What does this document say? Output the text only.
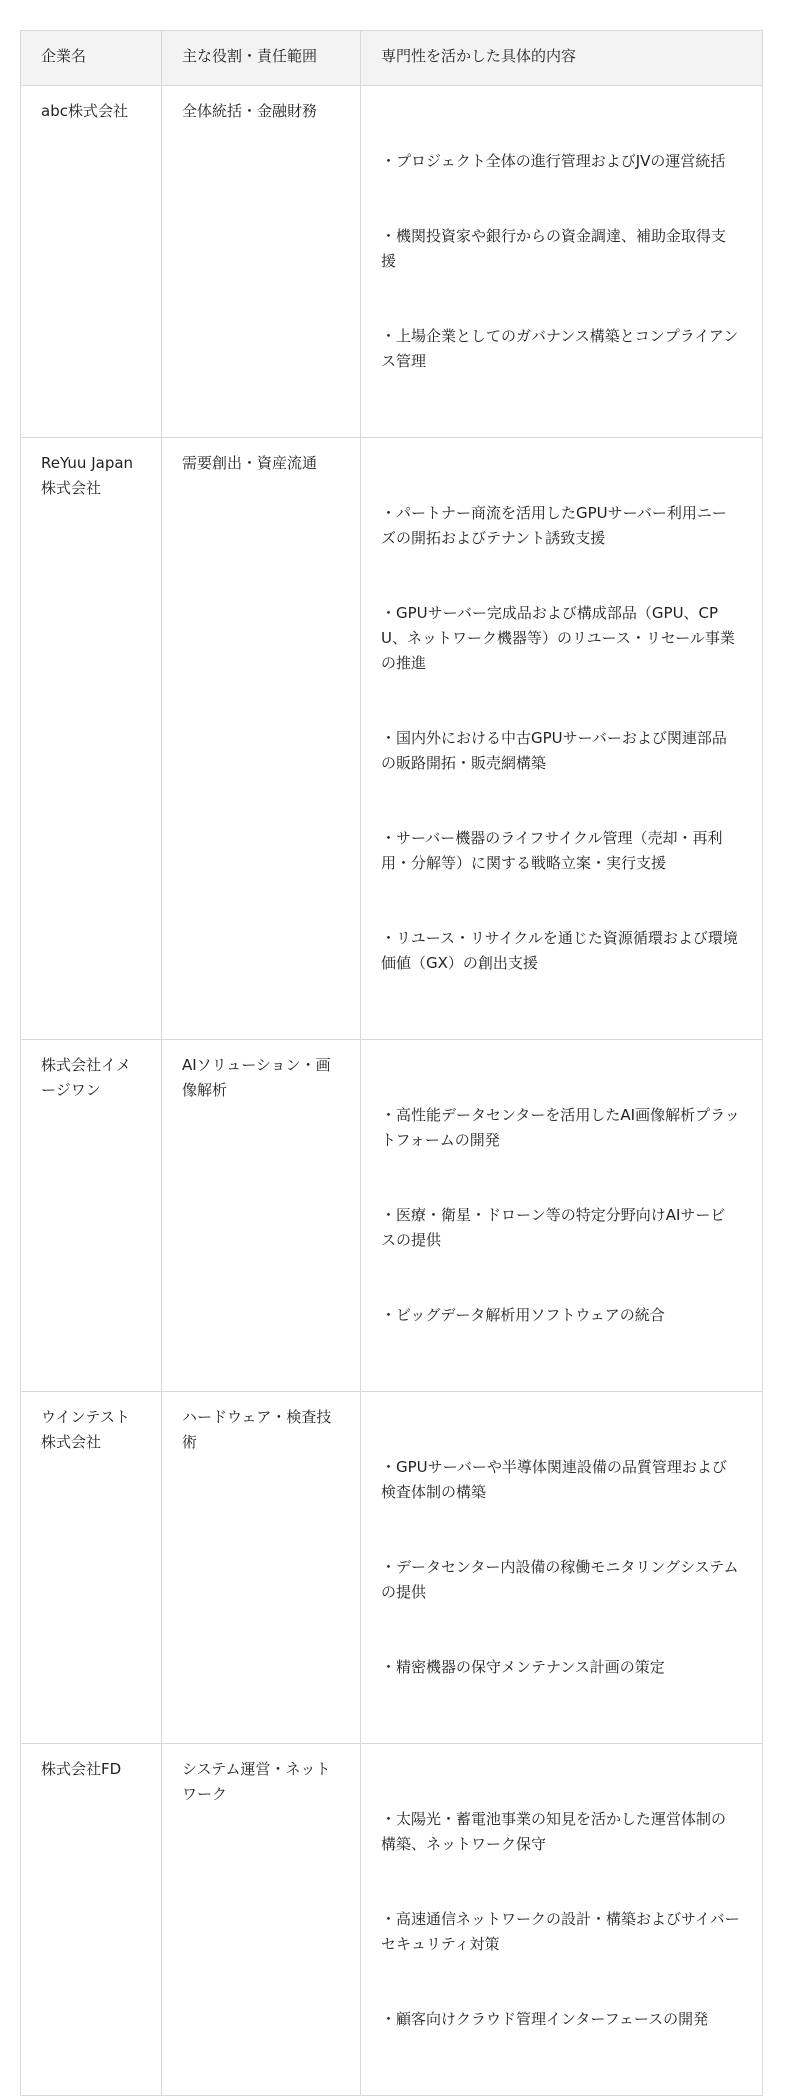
企業名	主な役割・責任範囲	専門性を活かした具体的内容
abc株式会社	全体統括・金融財務	・プロジェクト全体の進行管理およびJVの運営統括

・機関投資家や銀行からの資金調達、補助金取得支援

・上場企業としてのガバナンス構築とコンプライアンス管理

ReYuu Japan株式会社	需要創出・資産流通	・パートナー商流を活用したGPUサーバー利用ニーズの開拓およびテナント誘致支援

・GPUサーバー完成品および構成部品（GPU、CPU、ネットワーク機器等）のリユース・リセール事業の推進

・国内外における中古GPUサーバーおよび関連部品の販路開拓・販売網構築

・サーバー機器のライフサイクル管理（売却・再利用・分解等）に関する戦略立案・実行支援

・リユース・リサイクルを通じた資源循環および環境価値（GX）の創出支援

株式会社イメージワン	AIソリューション・画像解析	・高性能データセンターを活用したAI画像解析プラットフォームの開発

・医療・衛星・ドローン等の特定分野向けAIサービスの提供

・ビッグデータ解析用ソフトウェアの統合

ウインテスト株式会社	ハードウェア・検査技術	・GPUサーバーや半導体関連設備の品質管理および検査体制の構築

・データセンター内設備の稼働モニタリングシステムの提供

・精密機器の保守メンテナンス計画の策定

株式会社FD	システム運営・ネットワーク	・太陽光・蓄電池事業の知見を活かした運営体制の構築、ネットワーク保守

・高速通信ネットワークの設計・構築およびサイバーセキュリティ対策

・顧客向けクラウド管理インターフェースの開発
